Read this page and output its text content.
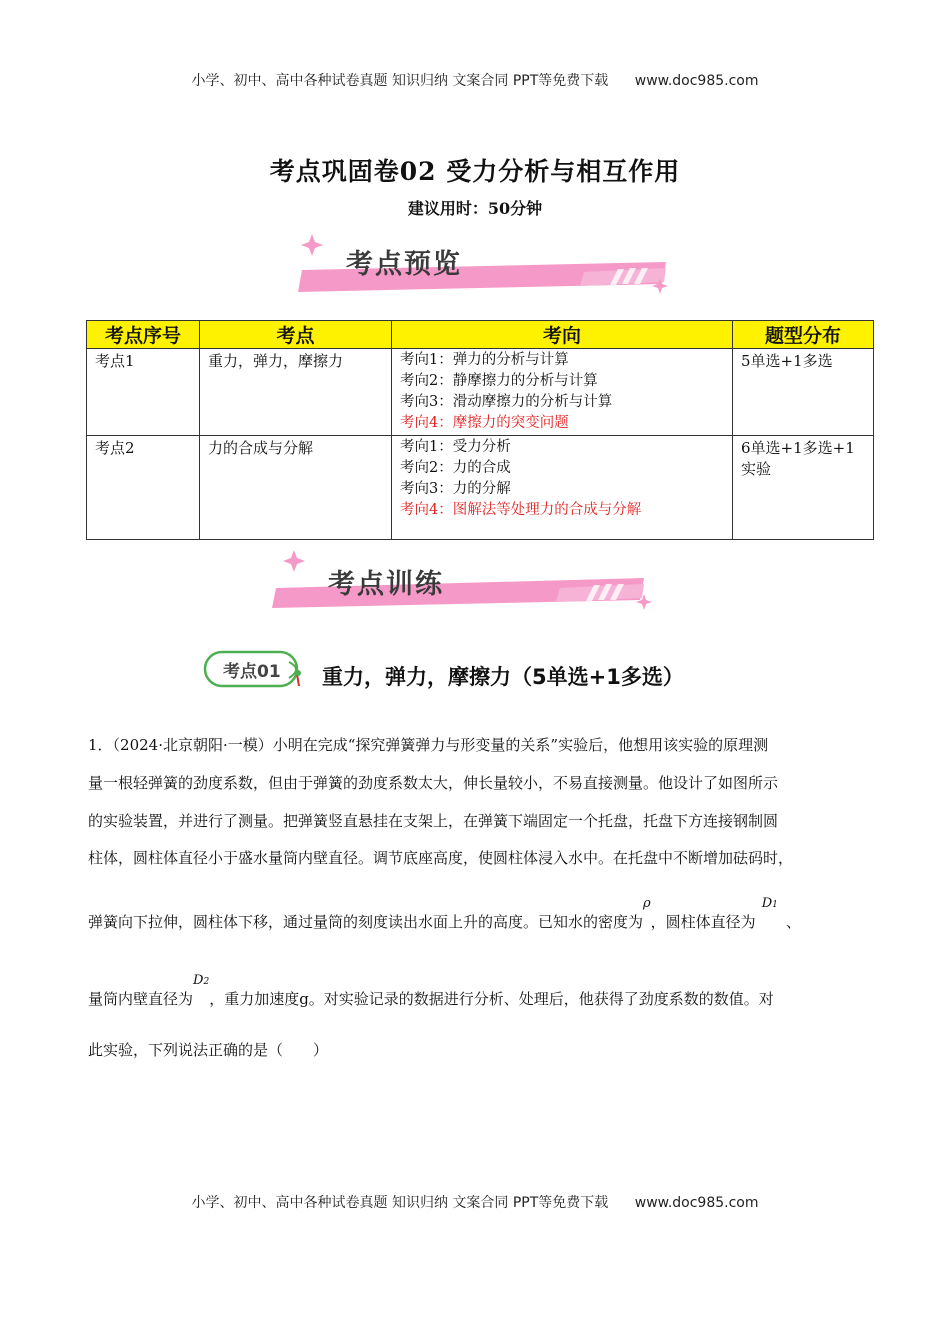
小学、初中、高中各种试卷真题 知识归纳 文案合同 PPT等免费下载 www.doc985.com
考点巩固卷02 受力分析与相互作用
建议用时：50分钟
考点预览
考点序号	考点	考向	题型分布
考点1	重力，弹力，摩擦力	考向1：弹力的分析与计算
考向2：静摩擦力的分析与计算
考向3：滑动摩擦力的分析与计算
考向4：摩擦力的突变问题	5单选+1多选
考点2	力的合成与分解	考向1：受力分析
考向2：力的合成
考向3：力的分解
考向4：图解法等处理力的合成与分解	6单选+1多选+1实验
考点训练
考点01 重力，弹力，摩擦力（5单选+1多选）

1．（2024·北京朝阳·一模）小明在完成“探究弹簧弹力与形变量的关系”实验后，他想用该实验的原理测

量一根轻弹簧的劲度系数，但由于弹簧的劲度系数太大，伸长量较小，不易直接测量。他设计了如图所示

的实验装置，并进行了测量。把弹簧竖直悬挂在支架上，在弹簧下端固定一个托盘，托盘下方连接钢制圆

柱体，圆柱体直径小于盛水量筒内壁直径。调节底座高度，使圆柱体浸入水中。在托盘中不断增加砝码时，

弹簧向下拉伸，圆柱体下移，通过量筒的刻度读出水面上升的高度。已知水的密度为ρ，圆柱体直径为D1、

量筒内壁直径为D2，重力加速度g。对实验记录的数据进行分析、处理后，他获得了劲度系数的数值。对

此实验，下列说法正确的是（　　）

小学、初中、高中各种试卷真题 知识归纳 文案合同 PPT等免费下载 www.doc985.com
